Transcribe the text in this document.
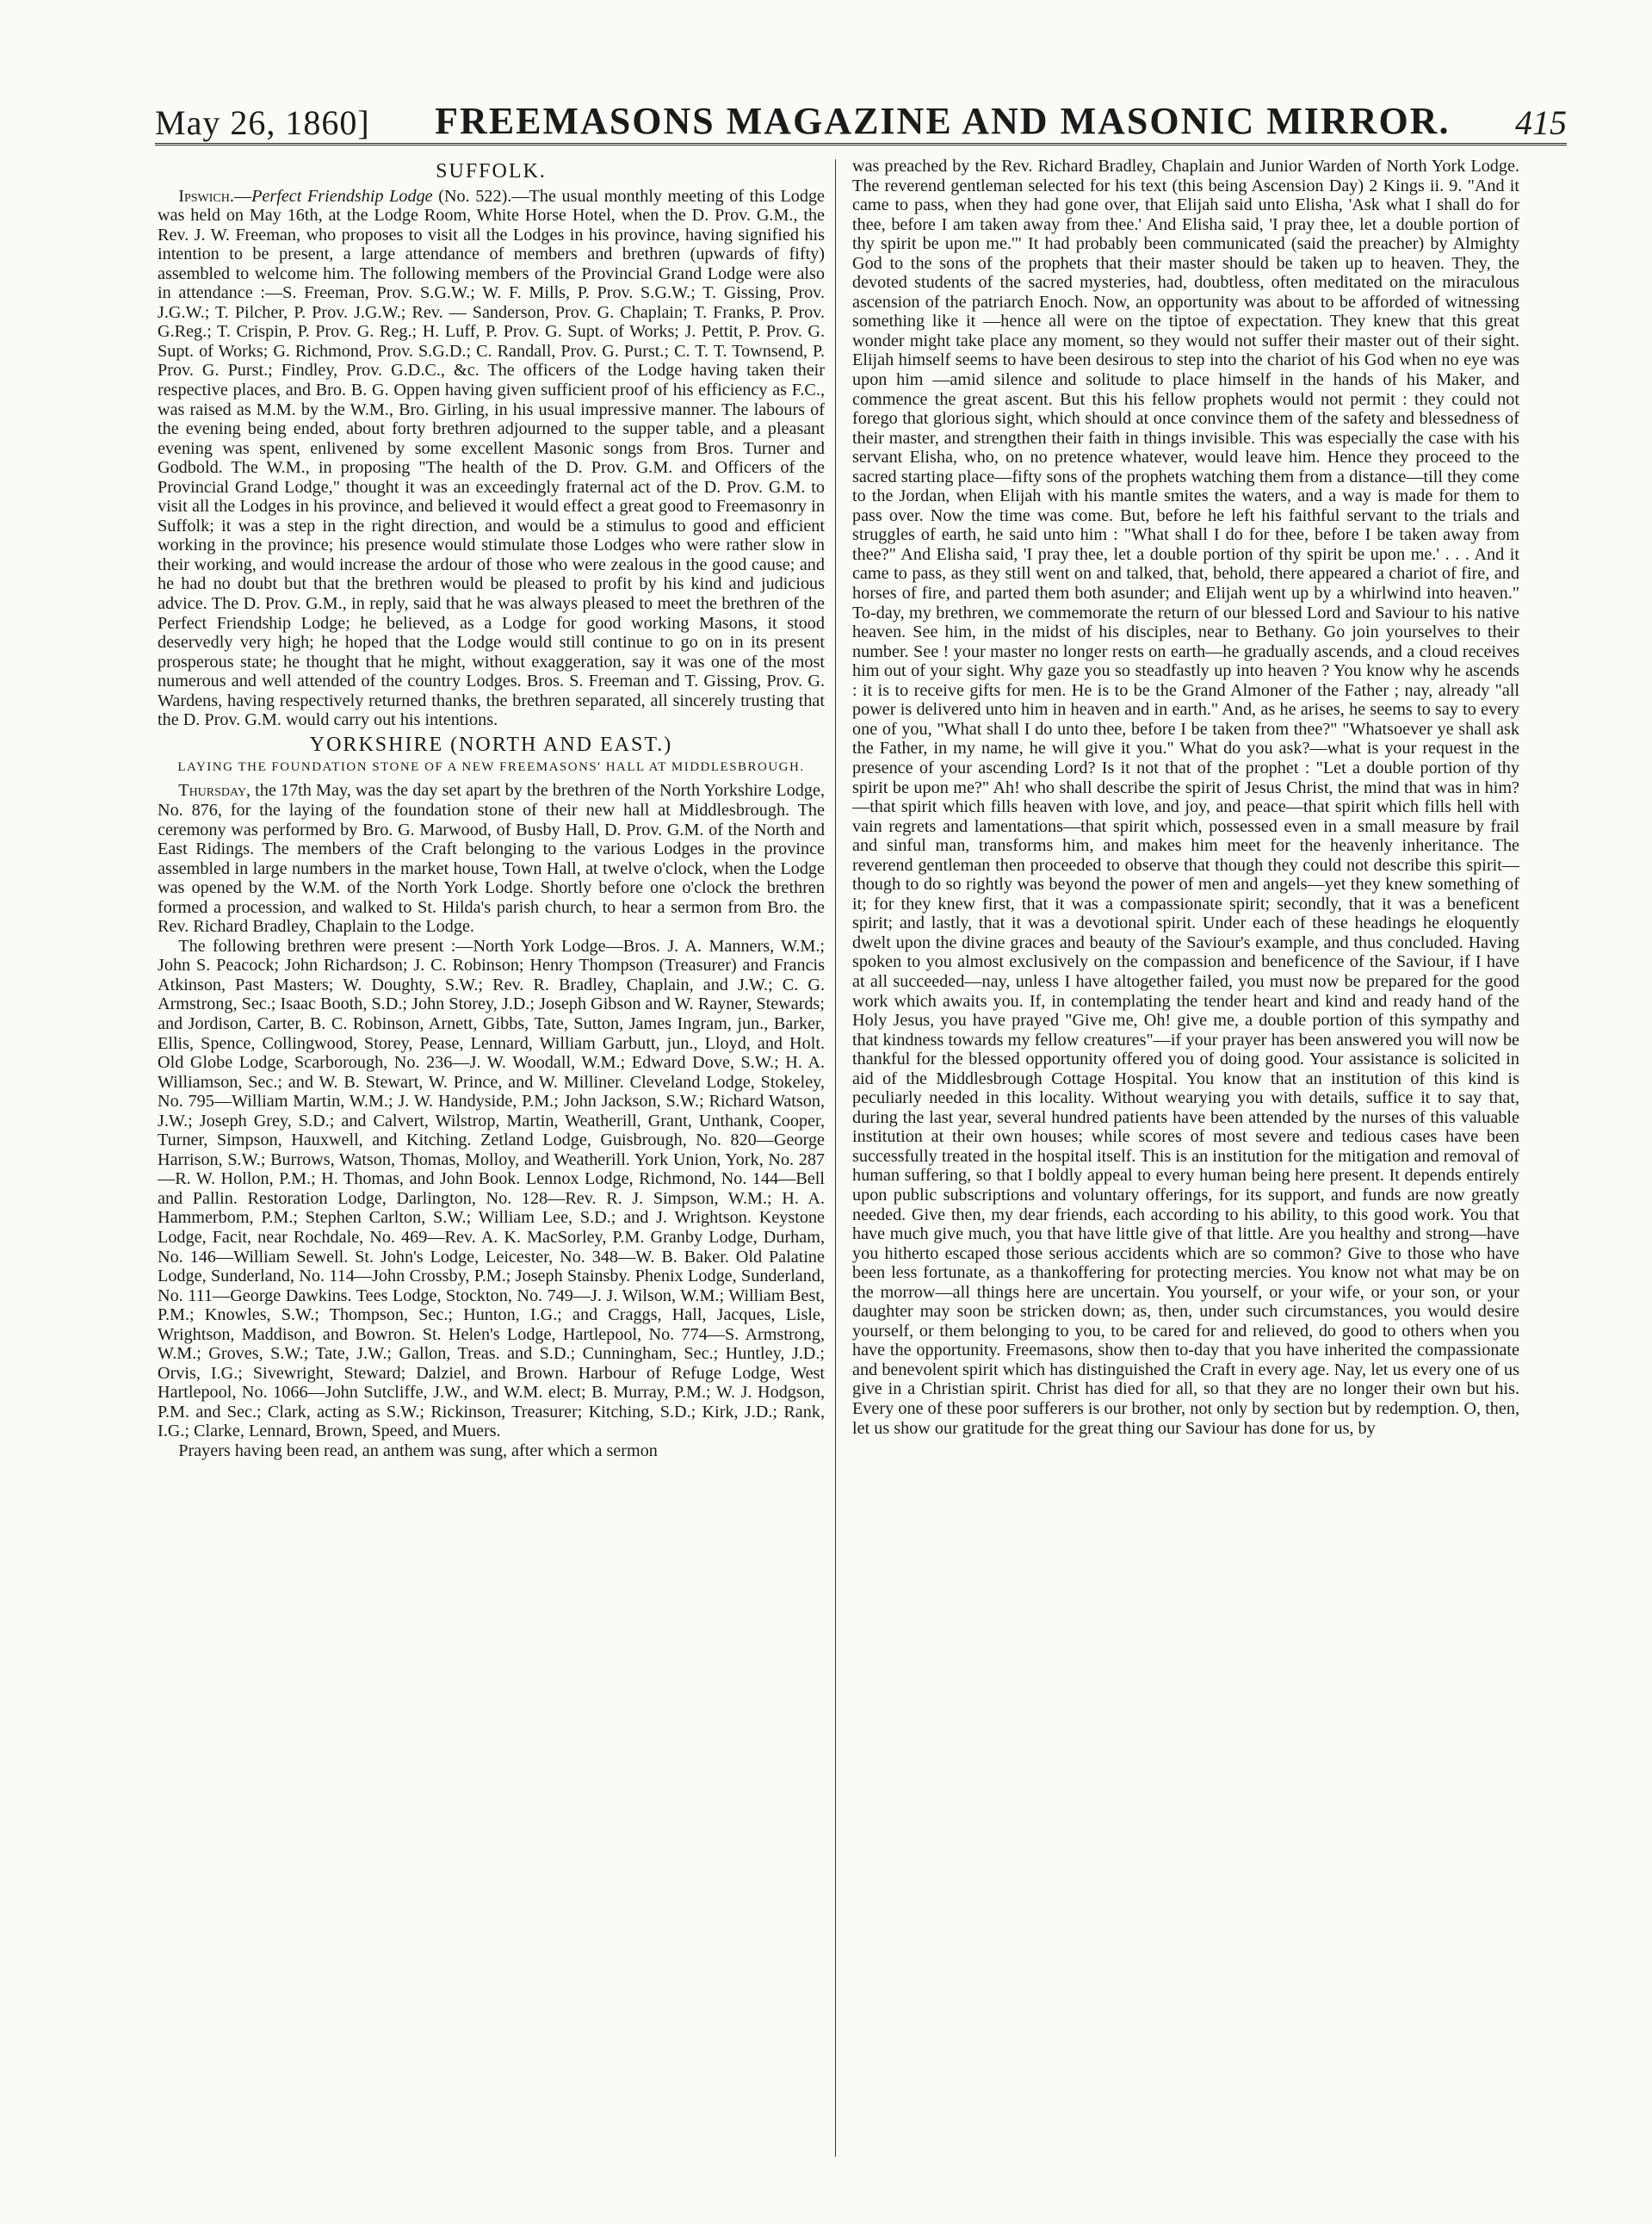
May 26, 1860] FREEMASONS MAGAZINE AND MASONIC MIRROR. 415
SUFFOLK.

Ipswich.—Perfect Friendship Lodge (No. 522).—The usual monthly meeting of this Lodge was held on May 16th, at the Lodge Room, White Horse Hotel, when the D. Prov. G.M., the Rev. J. W. Freeman, who proposes to visit all the Lodges in his province, having signified his intention to be present, a large attendance of members and brethren (upwards of fifty) assembled to welcome him. The following members of the Provincial Grand Lodge were also in attendance :—S. Freeman, Prov. S.G.W.; W. F. Mills, P. Prov. S.G.W.; T. Gissing, Prov. J.G.W.; T. Pilcher, P. Prov. J.G.W.; Rev. — Sanderson, Prov. G. Chaplain; T. Franks, P. Prov. G.Reg.; T. Crispin, P. Prov. G. Reg.; H. Luff, P. Prov. G. Supt. of Works; J. Pettit, P. Prov. G. Supt. of Works; G. Richmond, Prov. S.G.D.; C. Randall, Prov. G. Purst.; C. T. T. Townsend, P. Prov. G. Purst.; Findley, Prov. G.D.C., &c. The officers of the Lodge having taken their respective places, and Bro. B. G. Oppen having given sufficient proof of his efficiency as F.C., was raised as M.M. by the W.M., Bro. Girling, in his usual impressive manner. The labours of the evening being ended, about forty brethren adjourned to the supper table, and a pleasant evening was spent, enlivened by some excellent Masonic songs from Bros. Turner and Godbold. The W.M., in proposing "The health of the D. Prov. G.M. and Officers of the Provincial Grand Lodge," thought it was an exceedingly fraternal act of the D. Prov. G.M. to visit all the Lodges in his province, and believed it would effect a great good to Freemasonry in Suffolk; it was a step in the right direction, and would be a stimulus to good and efficient working in the province; his presence would stimulate those Lodges who were rather slow in their working, and would increase the ardour of those who were zealous in the good cause; and he had no doubt but that the brethren would be pleased to profit by his kind and judicious advice. The D. Prov. G.M., in reply, said that he was always pleased to meet the brethren of the Perfect Friendship Lodge; he believed, as a Lodge for good working Masons, it stood deservedly very high; he hoped that the Lodge would still continue to go on in its present prosperous state; he thought that he might, without exaggeration, say it was one of the most numerous and well attended of the country Lodges. Bros. S. Freeman and T. Gissing, Prov. G. Wardens, having respectively returned thanks, the brethren separated, all sincerely trusting that the D. Prov. G.M. would carry out his intentions.

YORKSHIRE (NORTH AND EAST.)
LAYING THE FOUNDATION STONE OF A NEW FREEMASONS' HALL AT MIDDLESBROUGH.

Thursday, the 17th May, was the day set apart by the brethren of the North Yorkshire Lodge, No. 876, for the laying of the foundation stone of their new hall at Middlesbrough. The ceremony was performed by Bro. G. Marwood, of Busby Hall, D. Prov. G.M. of the North and East Ridings. The members of the Craft belonging to the various Lodges in the province assembled in large numbers in the market house, Town Hall, at twelve o'clock, when the Lodge was opened by the W.M. of the North York Lodge. Shortly before one o'clock the brethren formed a procession, and walked to St. Hilda's parish church, to hear a sermon from Bro. the Rev. Richard Bradley, Chaplain to the Lodge.

The following brethren were present :—North York Lodge—Bros. J. A. Manners, W.M.; John S. Peacock; John Richardson; J. C. Robinson; Henry Thompson (Treasurer) and Francis Atkinson, Past Masters; W. Doughty, S.W.; Rev. R. Bradley, Chaplain, and J.W.; C. G. Armstrong, Sec.; Isaac Booth, S.D.; John Storey, J.D.; Joseph Gibson and W. Rayner, Stewards; and Jordison, Carter, B. C. Robinson, Arnett, Gibbs, Tate, Sutton, James Ingram, jun., Barker, Ellis, Spence, Collingwood, Storey, Pease, Lennard, William Garbutt, jun., Lloyd, and Holt. Old Globe Lodge, Scarborough, No. 236—J. W. Woodall, W.M.; Edward Dove, S.W.; H. A. Williamson, Sec.; and W. B. Stewart, W. Prince, and W. Milliner. Cleveland Lodge, Stokeley, No. 795—William Martin, W.M.; J. W. Handyside, P.M.; John Jackson, S.W.; Richard Watson, J.W.; Joseph Grey, S.D.; and Calvert, Wilstrop, Martin, Weatherill, Grant, Unthank, Cooper, Turner, Simpson, Hauxwell, and Kitching. Zetland Lodge, Guisbrough, No. 820—George Harrison, S.W.; Burrows, Watson, Thomas, Molloy, and Weatherill. York Union, York, No. 287—R. W. Hollon, P.M.; H. Thomas, and John Book. Lennox Lodge, Richmond, No. 144—Bell and Pallin. Restoration Lodge, Darlington, No. 128—Rev. R. J. Simpson, W.M.; H. A. Hammerbom, P.M.; Stephen Carlton, S.W.; William Lee, S.D.; and J. Wrightson. Keystone Lodge, Facit, near Rochdale, No. 469—Rev. A. K. MacSorley, P.M. Granby Lodge, Durham, No. 146—William Sewell. St. John's Lodge, Leicester, No. 348—W. B. Baker. Old Palatine Lodge, Sunderland, No. 114—John Crossby, P.M.; Joseph Stainsby. Phenix Lodge, Sunderland, No. 111—George Dawkins. Tees Lodge, Stockton, No. 749—J. J. Wilson, W.M.; William Best, P.M.; Knowles, S.W.; Thompson, Sec.; Hunton, I.G.; and Craggs, Hall, Jacques, Lisle, Wrightson, Maddison, and Bowron. St. Helen's Lodge, Hartlepool, No. 774—S. Armstrong, W.M.; Groves, S.W.; Tate, J.W.; Gallon, Treas. and S.D.; Cunningham, Sec.; Huntley, J.D.; Orvis, I.G.; Sivewright, Steward; Dalziel, and Brown. Harbour of Refuge Lodge, West Hartlepool, No. 1066—John Sutcliffe, J.W., and W.M. elect; B. Murray, P.M.; W. J. Hodgson, P.M. and Sec.; Clark, acting as S.W.; Rickinson, Treasurer; Kitching, S.D.; Kirk, J.D.; Rank, I.G.; Clarke, Lennard, Brown, Speed, and Muers.

Prayers having been read, an anthem was sung, after which a sermon

was preached by the Rev. Richard Bradley, Chaplain and Junior Warden of North York Lodge. The reverend gentleman selected for his text (this being Ascension Day) 2 Kings ii. 9. "And it came to pass, when they had gone over, that Elijah said unto Elisha, 'Ask what I shall do for thee, before I am taken away from thee.' And Elisha said, 'I pray thee, let a double portion of thy spirit be upon me.'" It had probably been communicated (said the preacher) by Almighty God to the sons of the prophets that their master should be taken up to heaven. They, the devoted students of the sacred mysteries, had, doubtless, often meditated on the miraculous ascension of the patriarch Enoch. Now, an opportunity was about to be afforded of witnessing something like it —hence all were on the tiptoe of expectation. They knew that this great wonder might take place any moment, so they would not suffer their master out of their sight. Elijah himself seems to have been desirous to step into the chariot of his God when no eye was upon him —amid silence and solitude to place himself in the hands of his Maker, and commence the great ascent. But this his fellow prophets would not permit : they could not forego that glorious sight, which should at once convince them of the safety and blessedness of their master, and strengthen their faith in things invisible. This was especially the case with his servant Elisha, who, on no pretence whatever, would leave him. Hence they proceed to the sacred starting place—fifty sons of the prophets watching them from a distance—till they come to the Jordan, when Elijah with his mantle smites the waters, and a way is made for them to pass over. Now the time was come. But, before he left his faithful servant to the trials and struggles of earth, he said unto him : "What shall I do for thee, before I be taken away from thee?" And Elisha said, 'I pray thee, let a double portion of thy spirit be upon me.' . . . And it came to pass, as they still went on and talked, that, behold, there appeared a chariot of fire, and horses of fire, and parted them both asunder; and Elijah went up by a whirlwind into heaven." To-day, my brethren, we commemorate the return of our blessed Lord and Saviour to his native heaven. See him, in the midst of his disciples, near to Bethany. Go join yourselves to their number. See ! your master no longer rests on earth—he gradually ascends, and a cloud receives him out of your sight. Why gaze you so steadfastly up into heaven ? You know why he ascends : it is to receive gifts for men. He is to be the Grand Almoner of the Father ; nay, already "all power is delivered unto him in heaven and in earth." And, as he arises, he seems to say to every one of you, "What shall I do unto thee, before I be taken from thee?" "Whatsoever ye shall ask the Father, in my name, he will give it you." What do you ask?—what is your request in the presence of your ascending Lord? Is it not that of the prophet : "Let a double portion of thy spirit be upon me?" Ah! who shall describe the spirit of Jesus Christ, the mind that was in him?—that spirit which fills heaven with love, and joy, and peace—that spirit which fills hell with vain regrets and lamentations—that spirit which, possessed even in a small measure by frail and sinful man, transforms him, and makes him meet for the heavenly inheritance. The reverend gentleman then proceeded to observe that though they could not describe this spirit—though to do so rightly was beyond the power of men and angels—yet they knew something of it; for they knew first, that it was a compassionate spirit; secondly, that it was a beneficent spirit; and lastly, that it was a devotional spirit. Under each of these headings he eloquently dwelt upon the divine graces and beauty of the Saviour's example, and thus concluded. Having spoken to you almost exclusively on the compassion and beneficence of the Saviour, if I have at all succeeded—nay, unless I have altogether failed, you must now be prepared for the good work which awaits you. If, in contemplating the tender heart and kind and ready hand of the Holy Jesus, you have prayed "Give me, Oh! give me, a double portion of this sympathy and that kindness towards my fellow creatures"—if your prayer has been answered you will now be thankful for the blessed opportunity offered you of doing good. Your assistance is solicited in aid of the Middlesbrough Cottage Hospital. You know that an institution of this kind is peculiarly needed in this locality. Without wearying you with details, suffice it to say that, during the last year, several hundred patients have been attended by the nurses of this valuable institution at their own houses; while scores of most severe and tedious cases have been successfully treated in the hospital itself. This is an institution for the mitigation and removal of human suffering, so that I boldly appeal to every human being here present. It depends entirely upon public subscriptions and voluntary offerings, for its support, and funds are now greatly needed. Give then, my dear friends, each according to his ability, to this good work. You that have much give much, you that have little give of that little. Are you healthy and strong—have you hitherto escaped those serious accidents which are so common? Give to those who have been less fortunate, as a thankoffering for protecting mercies. You know not what may be on the morrow—all things here are uncertain. You yourself, or your wife, or your son, or your daughter may soon be stricken down; as, then, under such circumstances, you would desire yourself, or them belonging to you, to be cared for and relieved, do good to others when you have the opportunity. Freemasons, show then to-day that you have inherited the compassionate and benevolent spirit which has distinguished the Craft in every age. Nay, let us every one of us give in a Christian spirit. Christ has died for all, so that they are no longer their own but his. Every one of these poor sufferers is our brother, not only by section but by redemption. O, then, let us show our gratitude for the great thing our Saviour has done for us, by
